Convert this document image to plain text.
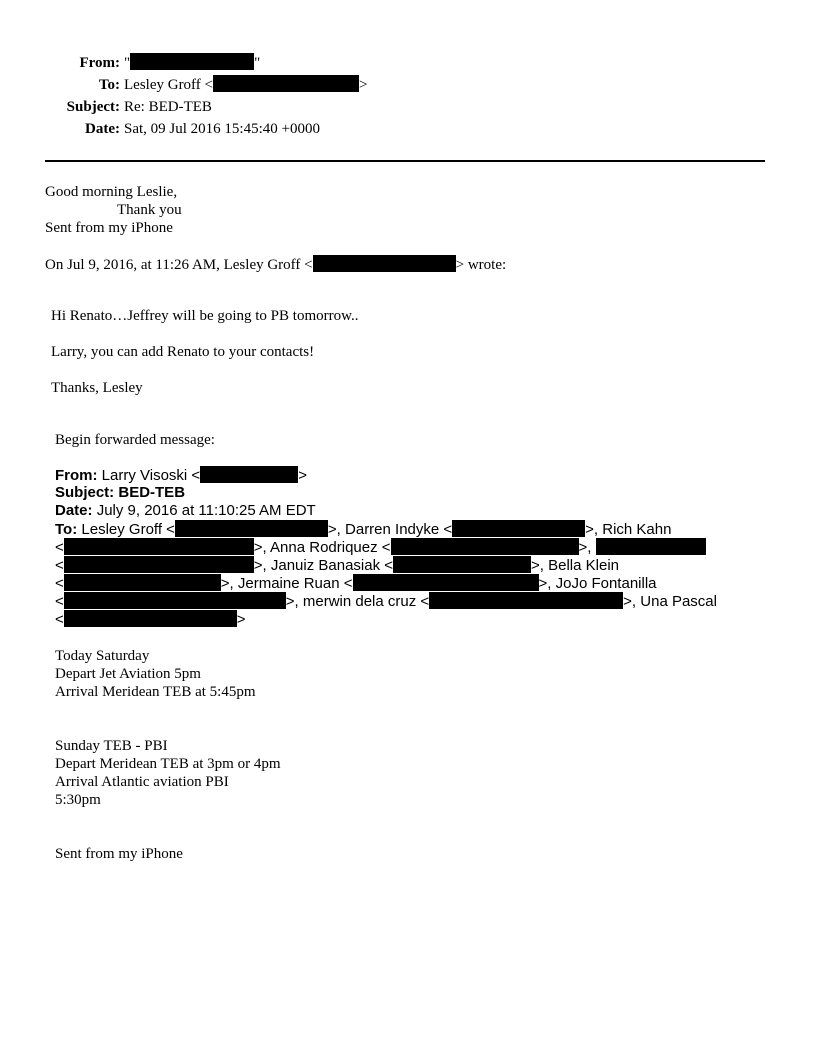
From: "	"
To: Lesley Groff <	>
Subject: Re: BED-TEB
Date: Sat, 09 Jul 2016 15:45:40 +0000
Good morning Leslie,
Thank you
Sent from my iPhone
On Jul 9, 2016, at 11:26 AM, Lesley Groff <	> wrote:
Hi Renato…Jeffrey will be going to PB tomorrow..
Larry, you can add Renato to your contacts!
Thanks, Lesley
Begin forwarded message:
From: Larry Visoski <	>
Subject: BED-TEB
Date: July 9, 2016 at 11:10:25 AM EDT
To: Lesley Groff <	>, Darren Indyke <	>, Rich Kahn
<	>, Anna Rodriquez <	>,
<	>, Januiz Banasiak <	>, Bella Klein
<	>, Jermaine Ruan <	>, JoJo Fontanilla
<	>, merwin dela cruz <	>, Una Pascal
<	>
Today Saturday
Depart Jet Aviation 5pm
Arrival Meridean TEB at 5:45pm
Sunday TEB - PBI
Depart Meridean TEB at 3pm or 4pm
Arrival Atlantic aviation PBI
5:30pm
Sent from my iPhone
